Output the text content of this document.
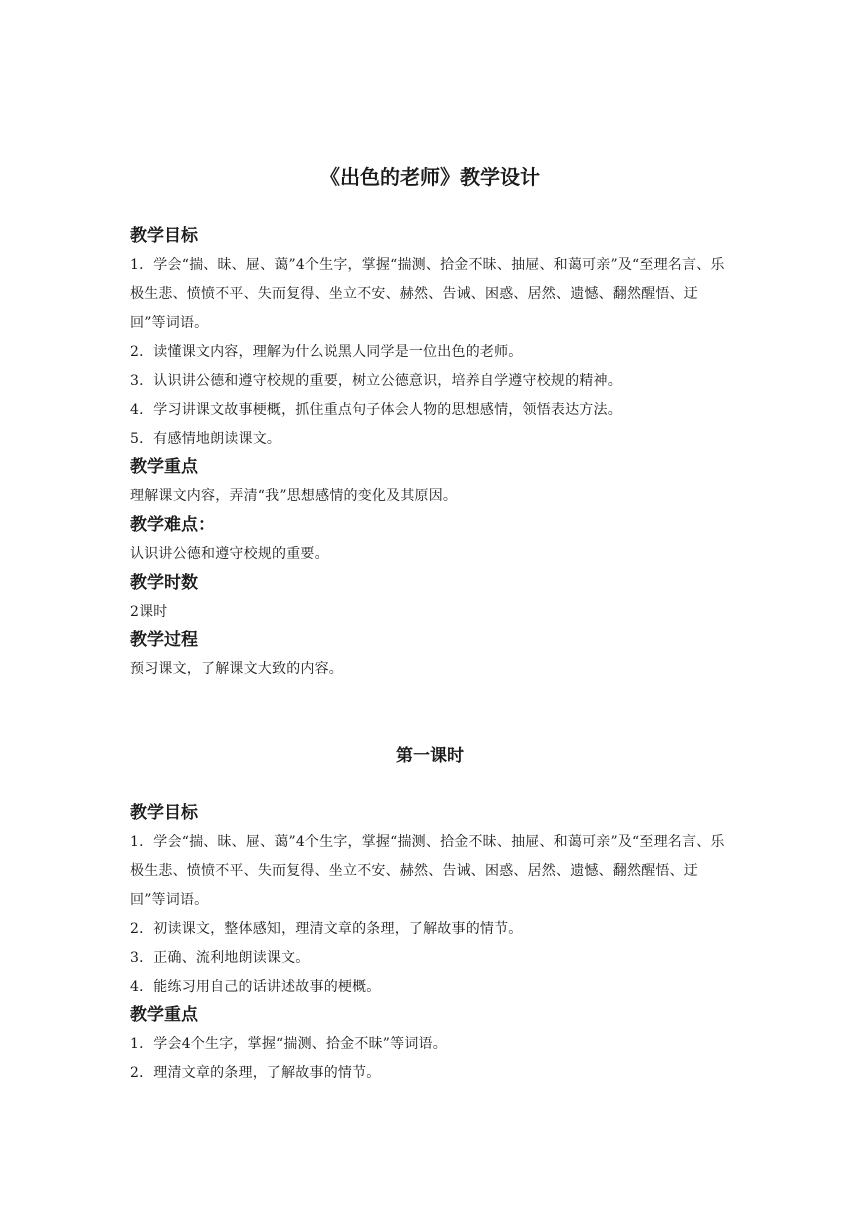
《出色的老师》教学设计

教学目标

1．学会“揣、昧、屉、蔼”4个生字，掌握“揣测、拾金不昧、抽屉、和蔼可亲”及“至理名言、乐极生悲、愤愤不平、失而复得、坐立不安、赫然、告诫、困惑、居然、遗憾、翻然醒悟、迂回”等词语。

2．读懂课文内容，理解为什么说黑人同学是一位出色的老师。

3．认识讲公德和遵守校规的重要，树立公德意识，培养自学遵守校规的精神。

4．学习讲课文故事梗概，抓住重点句子体会人物的思想感情，领悟表达方法。

5．有感情地朗读课文。

教学重点

理解课文内容，弄清“我”思想感情的变化及其原因。

教学难点：

认识讲公德和遵守校规的重要。

教学时数

2课时

教学过程

预习课文，了解课文大致的内容。

第一课时

教学目标

1．学会“揣、昧、屉、蔼”4个生字，掌握“揣测、拾金不昧、抽屉、和蔼可亲”及“至理名言、乐极生悲、愤愤不平、失而复得、坐立不安、赫然、告诫、困惑、居然、遗憾、翻然醒悟、迂回”等词语。

2．初读课文，整体感知，理清文章的条理，了解故事的情节。

3．正确、流利地朗读课文。

4．能练习用自己的话讲述故事的梗概。

教学重点

1．学会4个生字，掌握“揣测、拾金不昧”等词语。

2．理清文章的条理，了解故事的情节。
